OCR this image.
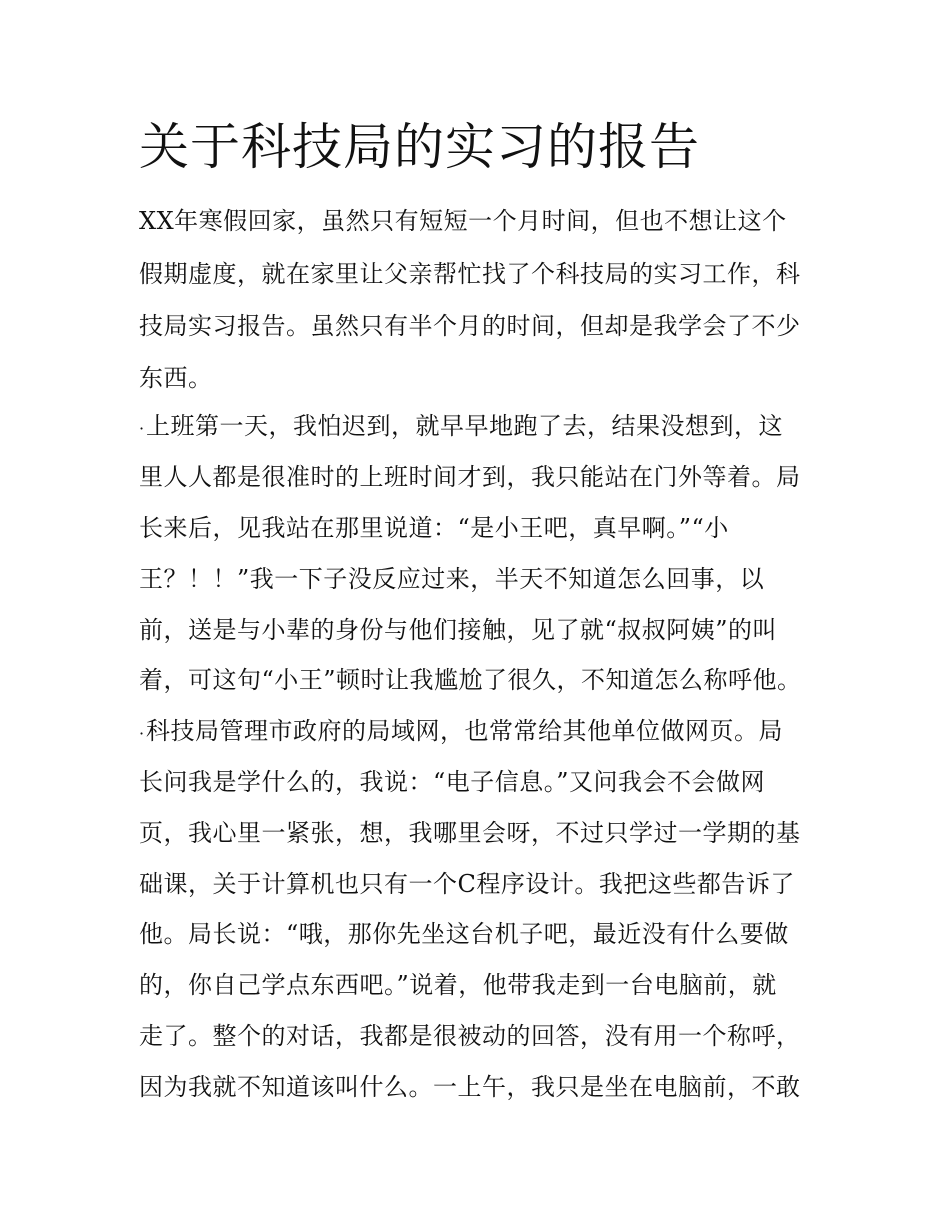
关于科技局的实习的报告
XX年寒假回家，虽然只有短短一个月时间，但也不想让这个
假期虚度，就在家里让父亲帮忙找了个科技局的实习工作，科
技局实习报告。虽然只有半个月的时间，但却是我学会了不少
东西。
· 上班第一天，我怕迟到，就早早地跑了去，结果没想到，这
里人人都是很准时的上班时间才到，我只能站在门外等着。局
长来后，见我站在那里说道：“是小王吧，真早啊。”“小
王？！！”我一下子没反应过来，半天不知道怎么回事，以
前，送是与小辈的身份与他们接触，见了就“叔叔阿姨”的叫
着，可这句“小王”顿时让我尴尬了很久，不知道怎么称呼他。
· 科技局管理市政府的局域网，也常常给其他单位做网页。局
长问我是学什么的，我说：“电子信息。”又问我会不会做网
页，我心里一紧张，想，我哪里会呀，不过只学过一学期的基
础课，关于计算机也只有一个C程序设计。我把这些都告诉了
他。局长说：“哦，那你先坐这台机子吧，最近没有什么要做
的，你自己学点东西吧。”说着，他带我走到一台电脑前，就
走了。整个的对话，我都是很被动的回答，没有用一个称呼，
因为我就不知道该叫什么。一上午，我只是坐在电脑前，不敢
